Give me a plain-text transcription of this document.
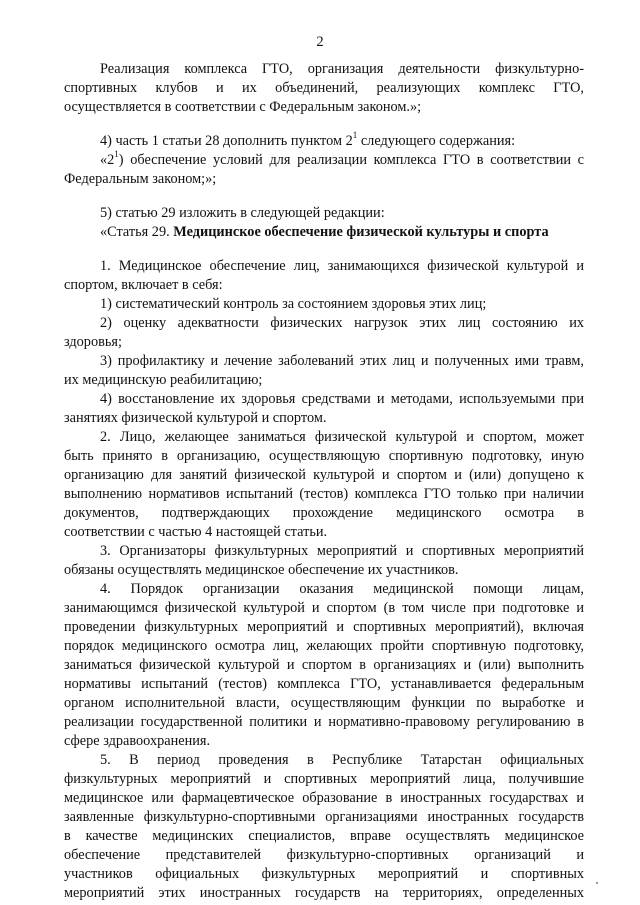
2
Реализация комплекса ГТО, организация деятельности физкультурно-
спортивных клубов и их объединений, реализующих комплекс ГТО,
осуществляется в соответствии с Федеральным законом.»;
4) часть 1 статьи 28 дополнить пунктом $2^1$ следующего содержания:
«$2^1$) обеспечение условий для реализации комплекса ГТО в соответствии с
Федеральным законом;»;
5) статью 29 изложить в следующей редакции:
«Статья 29. Медицинское обеспечение физической культуры и спорта
1. Медицинское обеспечение лиц, занимающихся физической культурой и
спортом, включает в себя:
1) систематический контроль за состоянием здоровья этих лиц;
2) оценку адекватности физических нагрузок этих лиц состоянию их
здоровья;
3) профилактику и лечение заболеваний этих лиц и полученных ими травм,
их медицинскую реабилитацию;
4) восстановление их здоровья средствами и методами, используемыми при
занятиях физической культурой и спортом.
2. Лицо, желающее заниматься физической культурой и спортом, может
быть принято в организацию, осуществляющую спортивную подготовку, иную
организацию для занятий физической культурой и спортом и (или) допущено к
выполнению нормативов испытаний (тестов) комплекса ГТО только при наличии
документов, подтверждающих прохождение медицинского осмотра в
соответствии с частью 4 настоящей статьи.
3. Организаторы физкультурных мероприятий и спортивных мероприятий
обязаны осуществлять медицинское обеспечение их участников.
4. Порядок организации оказания медицинской помощи лицам,
занимающимся физической культурой и спортом (в том числе при подготовке и
проведении физкультурных мероприятий и спортивных мероприятий), включая
порядок медицинского осмотра лиц, желающих пройти спортивную подготовку,
заниматься физической культурой и спортом в организациях и (или) выполнить
нормативы испытаний (тестов) комплекса ГТО, устанавливается федеральным
органом исполнительной власти, осуществляющим функции по выработке и
реализации государственной политики и нормативно-правовому регулированию в
сфере здравоохранения.
5. В период проведения в Республике Татарстан официальных
физкультурных мероприятий и спортивных мероприятий лица, получившие
медицинское или фармацевтическое образование в иностранных государствах и
заявленные физкультурно-спортивными организациями иностранных государств
в качестве медицинских специалистов, вправе осуществлять медицинское
обеспечение представителей физкультурно-спортивных организаций и
участников официальных физкультурных мероприятий и спортивных
мероприятий этих иностранных государств на территориях, определенных
